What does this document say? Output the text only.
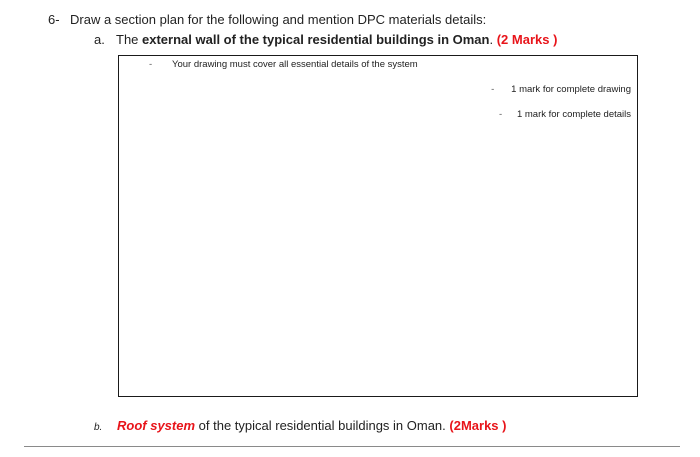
6- Draw a section plan for the following and mention DPC materials details:
a. The external wall of the typical residential buildings in Oman. (2 Marks )
- Your drawing must cover all essential details of the system
- 1 mark for complete drawing
- 1 mark for complete details
b. Roof system of the typical residential buildings in Oman. (2Marks )
